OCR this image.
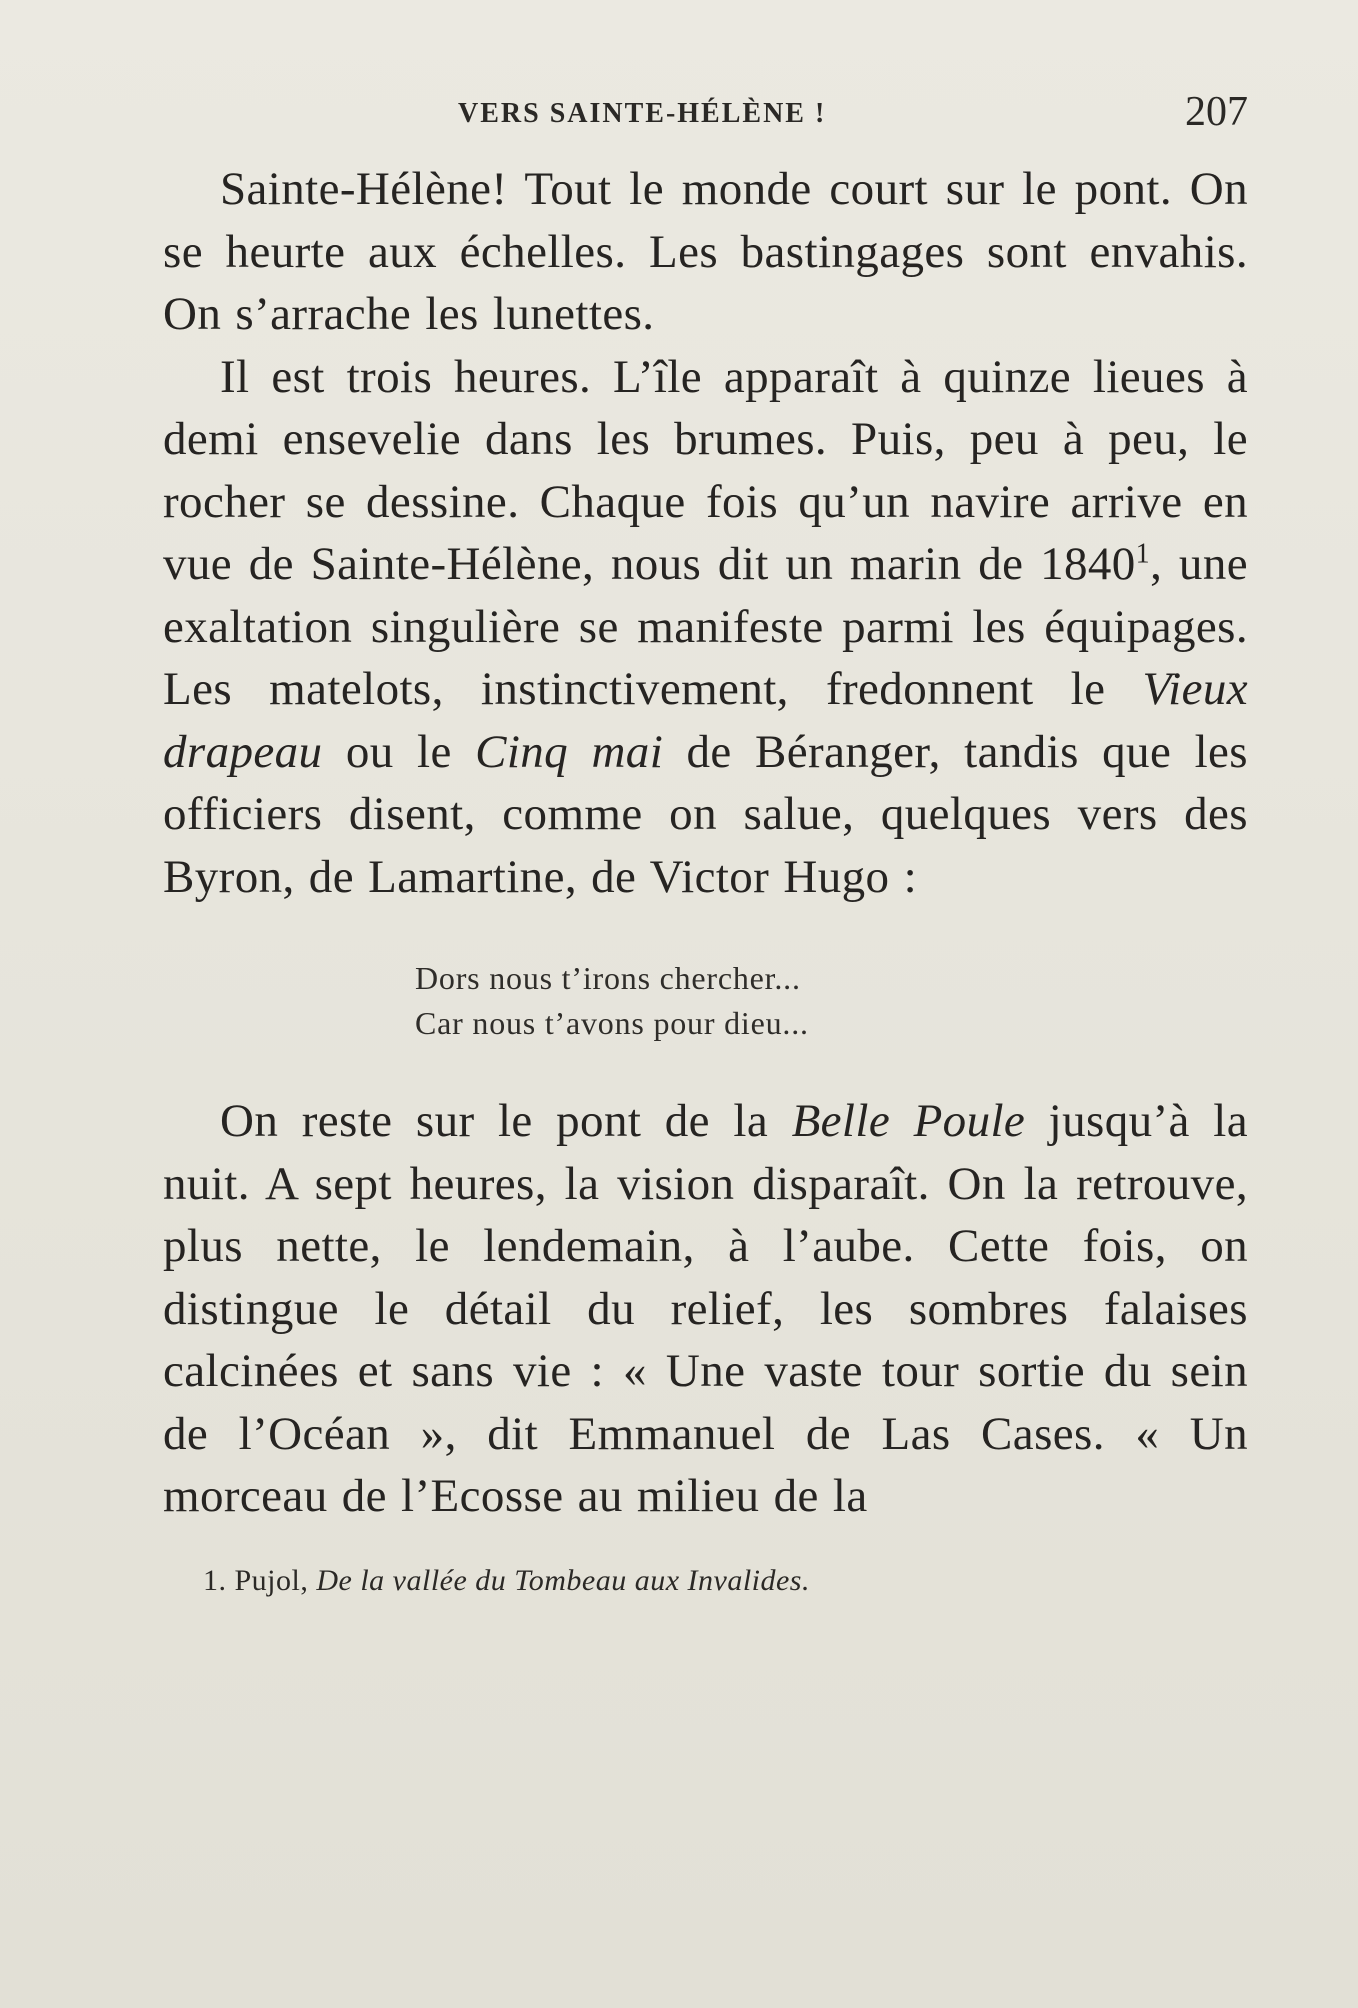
VERS SAINTE-HÉLÈNE !	207

Sainte-Hélène! Tout le monde court sur le pont. On se heurte aux échelles. Les bastingages sont envahis. On s’arrache les lunettes.

Il est trois heures. L’île apparaît à quinze lieues à demi ensevelie dans les brumes. Puis, peu à peu, le rocher se dessine. Chaque fois qu’un navire arrive en vue de Sainte-Hélène, nous dit un marin de 1840$^1$, une exaltation singulière se manifeste parmi les équipages. Les matelots, instinctivement, fredonnent le Vieux drapeau ou le Cinq mai de Béranger, tandis que les officiers disent, comme on salue, quelques vers des Byron, de Lamartine, de Victor Hugo :

Dors nous t’irons chercher...
Car nous t’avons pour dieu...

On reste sur le pont de la Belle Poule jusqu’à la nuit. A sept heures, la vision disparaît. On la retrouve, plus nette, le lendemain, à l’aube. Cette fois, on distingue le détail du relief, les sombres falaises calcinées et sans vie : « Une vaste tour sortie du sein de l’Océan », dit Emmanuel de Las Cases. « Un morceau de l’Ecosse au milieu de la

1. Pujol, De la vallée du Tombeau aux Invalides.
